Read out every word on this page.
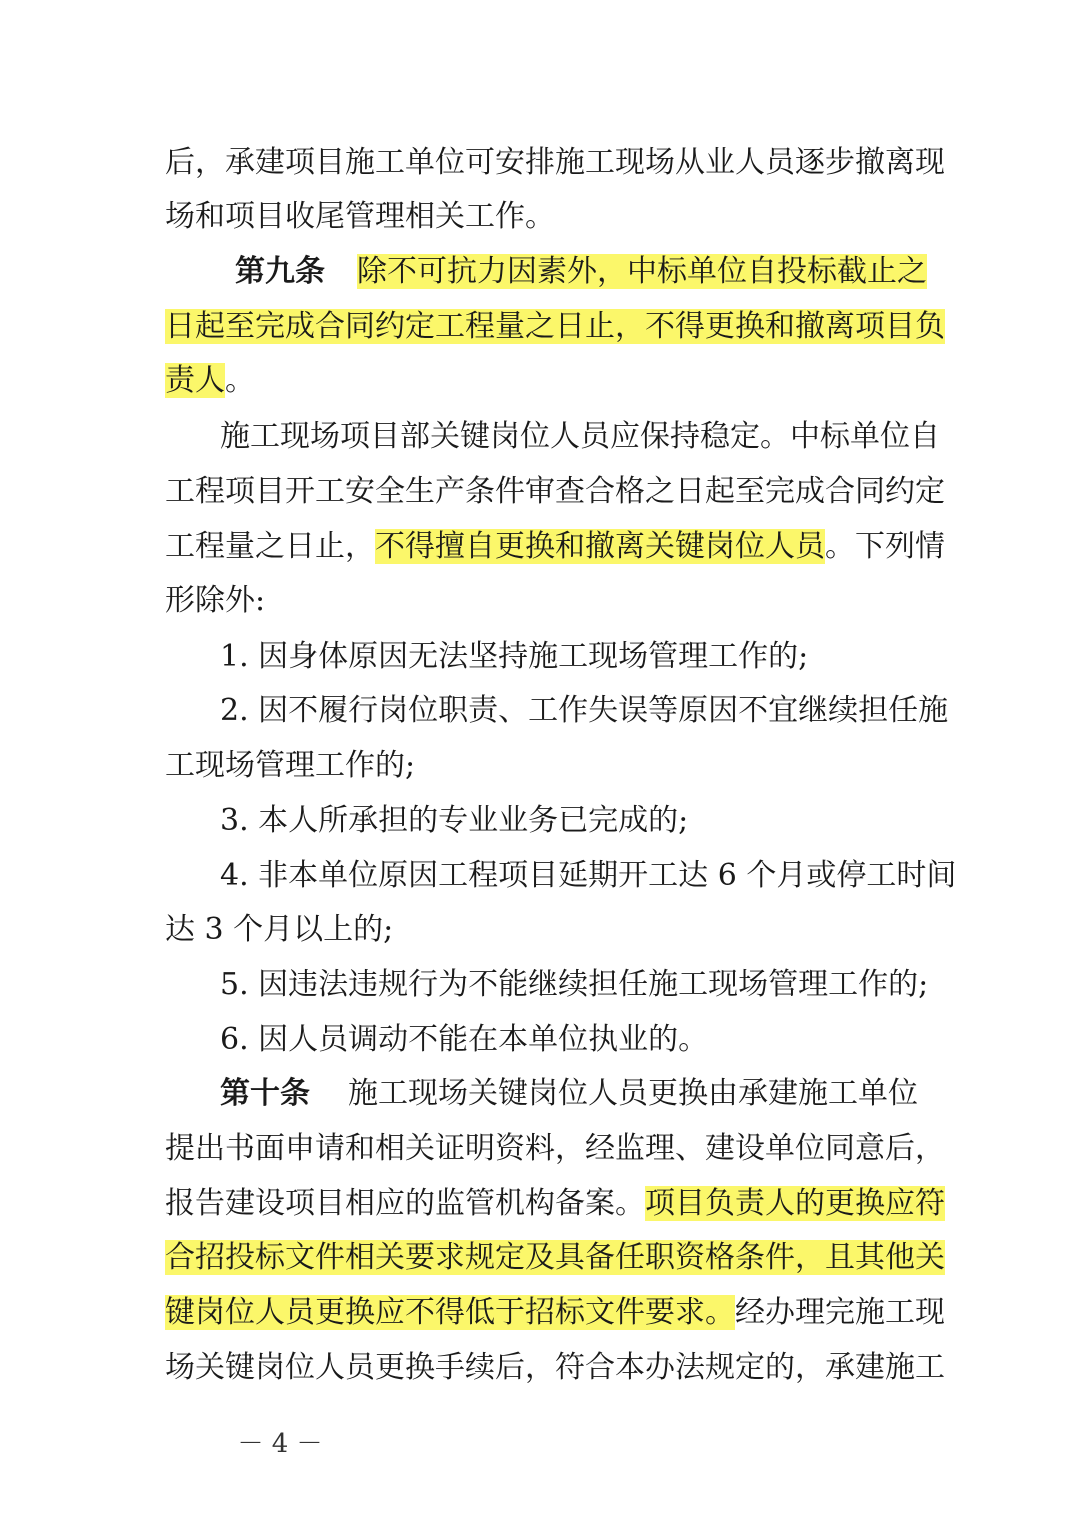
后，承建项目施工单位可安排施工现场从业人员逐步撤离现
场和项目收尾管理相关工作。
第九条 除不可抗力因素外，中标单位自投标截止之
日起至完成合同约定工程量之日止，不得更换和撤离项目负
责人。
施工现场项目部关键岗位人员应保持稳定。中标单位自
工程项目开工安全生产条件审查合格之日起至完成合同约定
工程量之日止，不得擅自更换和撤离关键岗位人员。下列情
形除外:
1. 因身体原因无法坚持施工现场管理工作的;
2. 因不履行岗位职责、工作失误等原因不宜继续担任施
工现场管理工作的;
3. 本人所承担的专业业务已完成的;
4. 非本单位原因工程项目延期开工达 6 个月或停工时间
达 3 个月以上的;
5. 因违法违规行为不能继续担任施工现场管理工作的;
6. 因人员调动不能在本单位执业的。
第十条 施工现场关键岗位人员更换由承建施工单位
提出书面申请和相关证明资料，经监理、建设单位同意后，
报告建设项目相应的监管机构备案。项目负责人的更换应符
合招投标文件相关要求规定及具备任职资格条件，且其他关
键岗位人员更换应不得低于招标文件要求。经办理完施工现
场关键岗位人员更换手续后，符合本办法规定的，承建施工
－ 4 －
